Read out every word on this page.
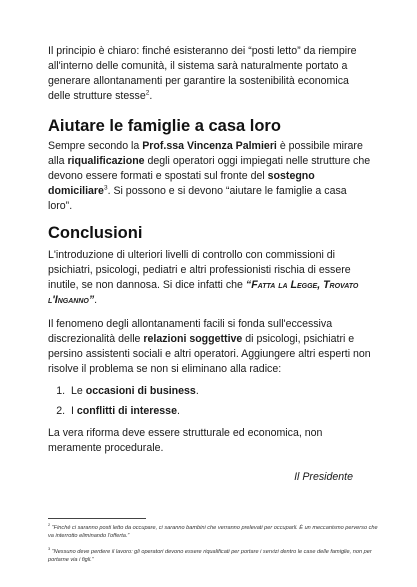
Il principio è chiaro: finché esisteranno dei “posti letto” da riempire all'interno delle comunità, il sistema sarà naturalmente portato a generare allontanamenti per garantire la sostenibilità economica delle strutture stesse$^2$.

Aiutare le famiglie a casa loro

Sempre secondo la Prof.ssa Vincenza Palmieri è possibile mirare alla riqualificazione degli operatori oggi impiegati nelle strutture che devono essere formati e spostati sul fronte del sostegno domiciliare$^3$. Si possono e si devono “aiutare le famiglie a casa loro”.

Conclusioni

L'introduzione di ulteriori livelli di controllo con commissioni di psichiatri, psicologi, pediatri e altri professionisti rischia di essere inutile, se non dannosa. Si dice infatti che “Fatta la Legge, Trovato l'Inganno”.

Il fenomeno degli allontanamenti facili si fonda sull'eccessiva discrezionalità delle relazioni soggettive di psicologi, psichiatri e persino assistenti sociali e altri operatori. Aggiungere altri esperti non risolve il problema se non si eliminano alla radice:

1. Le occasioni di business.
2. I conflitti di interesse.

La vera riforma deve essere strutturale ed economica, non meramente procedurale.

Il Presidente

$^2$ “Finché ci saranno posti letto da occupare, ci saranno bambini che verranno prelevati per occuparli. È un meccanismo perverso che va interrotto eliminando l'offerta.”

$^3$ “Nessuno deve perdere il lavoro: gli operatori devono essere riqualificati per portare i servizi dentro le case delle famiglie, non per portarne via i figli.”
